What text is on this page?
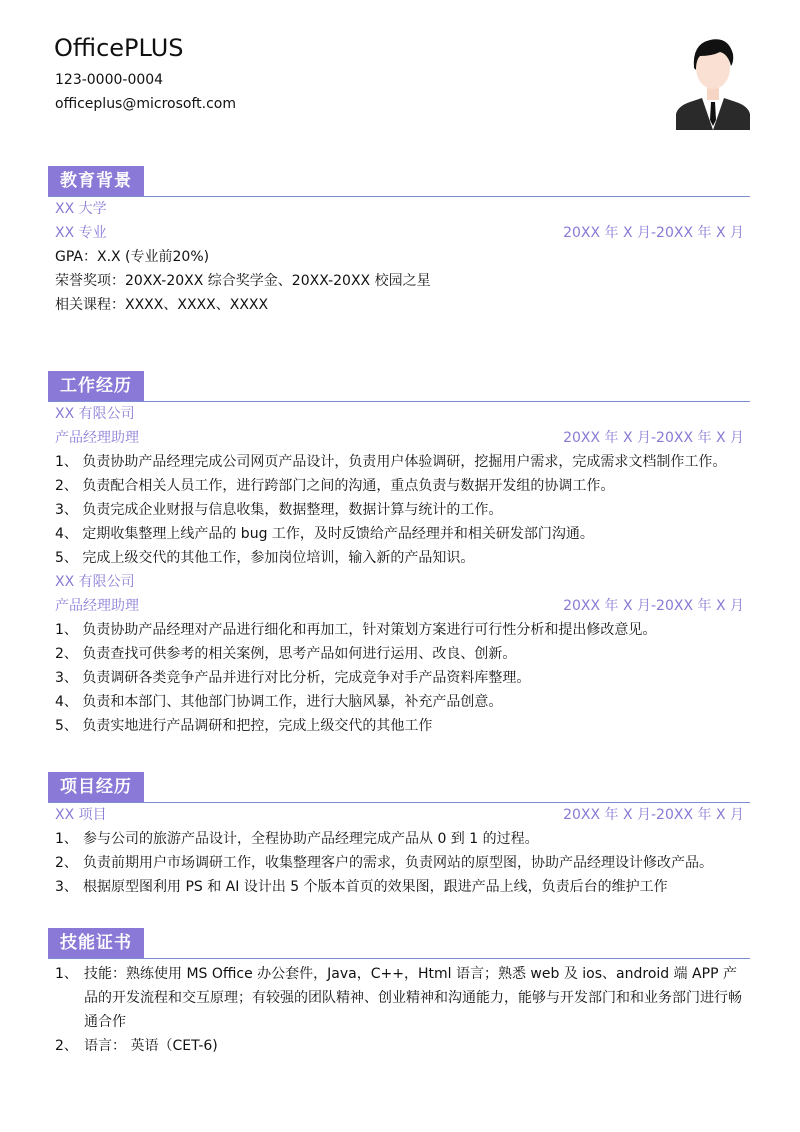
OfficePLUS
123-0000-0004
officeplus@microsoft.com
教育背景
XX 大学
XX 专业	20XX 年 X 月-20XX 年 X 月
GPA：X.X (专业前20%)
荣誉奖项：20XX-20XX 综合奖学金、20XX-20XX 校园之星
相关课程：XXXX、XXXX、XXXX
工作经历
XX 有限公司
产品经理助理	20XX 年 X 月-20XX 年 X 月
1、 负责协助产品经理完成公司网页产品设计，负责用户体验调研，挖掘用户需求，完成需求文档制作工作。
2、 负责配合相关人员工作，进行跨部门之间的沟通，重点负责与数据开发组的协调工作。
3、 负责完成企业财报与信息收集，数据整理，数据计算与统计的工作。
4、 定期收集整理上线产品的 bug 工作，及时反馈给产品经理并和相关研发部门沟通。
5、 完成上级交代的其他工作，参加岗位培训，输入新的产品知识。
XX 有限公司
产品经理助理	20XX 年 X 月-20XX 年 X 月
1、 负责协助产品经理对产品进行细化和再加工，针对策划方案进行可行性分析和提出修改意见。
2、 负责查找可供参考的相关案例，思考产品如何进行运用、改良、创新。
3、 负责调研各类竞争产品并进行对比分析，完成竞争对手产品资料库整理。
4、 负责和本部门、其他部门协调工作，进行大脑风暴，补充产品创意。
5、 负责实地进行产品调研和把控，完成上级交代的其他工作
项目经历
XX 项目	20XX 年 X 月-20XX 年 X 月
1、 参与公司的旅游产品设计，全程协助产品经理完成产品从 0 到 1 的过程。
2、 负责前期用户市场调研工作，收集整理客户的需求，负责网站的原型图，协助产品经理设计修改产品。
3、 根据原型图利用 PS 和 AI 设计出 5 个版本首页的效果图，跟进产品上线，负责后台的维护工作
技能证书
1、 技能：熟练使用 MS Office 办公套件，Java，C++，Html 语言；熟悉 web 及 ios、android 端 APP 产品的开发流程和交互原理；有较强的团队精神、创业精神和沟通能力，能够与开发部门和和业务部门进行畅通合作
2、 语言： 英语（CET-6)
